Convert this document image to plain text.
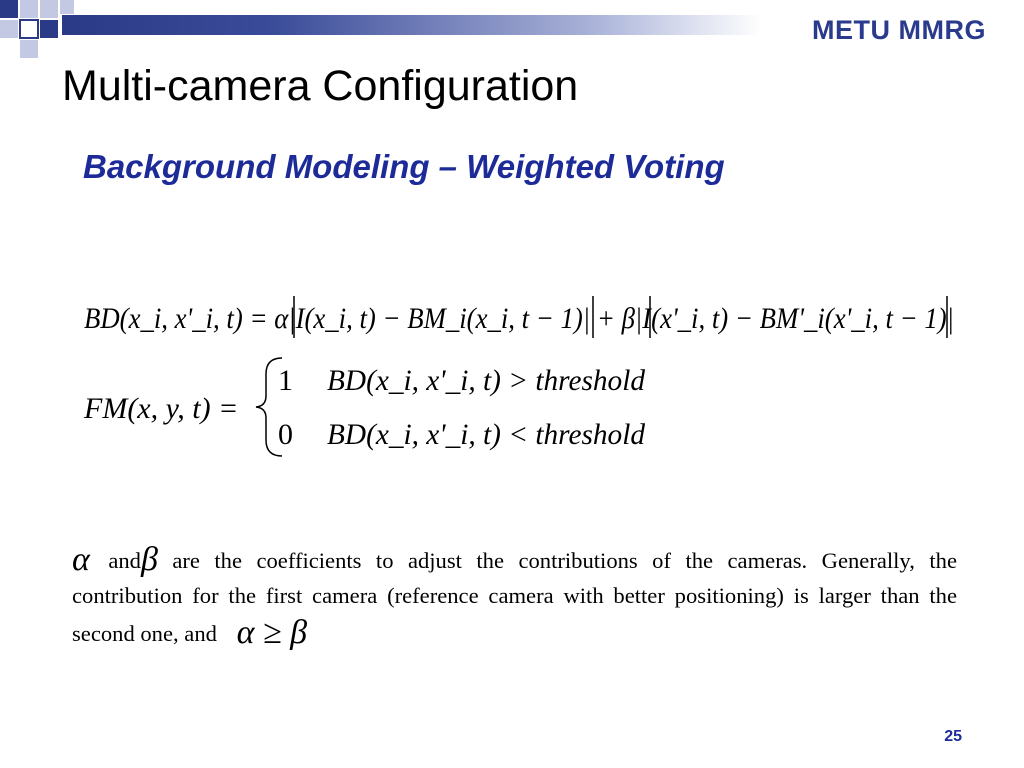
METU MMRG
Multi-camera Configuration
Background Modeling – Weighted Voting
BD(x_i, x'_i, t) = α|I(x_i, t) − BM_i(x_i, t − 1)| + β|I(x'_i, t) − BM'_i(x'_i, t − 1)|
FM(x, y, t) =
1 BD(x_i, x'_i, t) > threshold
0 BD(x_i, x'_i, t) < threshold
α andβ are the coefficients to adjust the contributions of the cameras. Generally, the contribution for the first camera (reference camera with better positioning) is larger than the second one, and α ≥ β
25
